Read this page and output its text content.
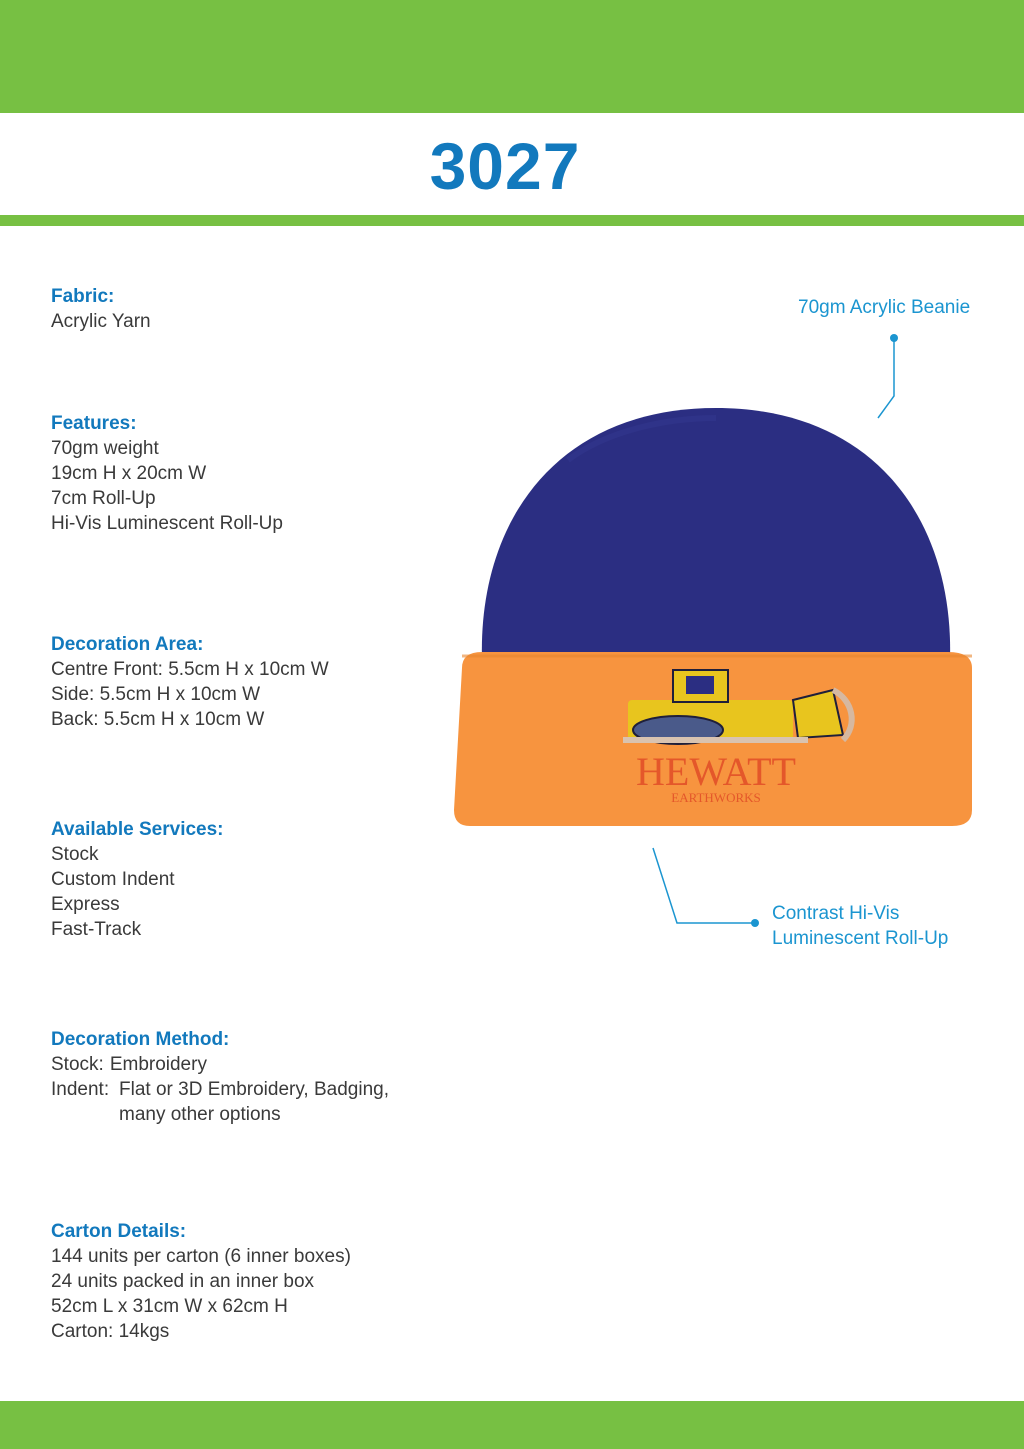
3027
Fabric:
Acrylic Yarn
Features:
70gm weight
19cm H x 20cm W
7cm Roll-Up
Hi-Vis Luminescent Roll-Up
Decoration Area:
Centre Front: 5.5cm H x 10cm W
Side: 5.5cm H x 10cm W
Back: 5.5cm H x 10cm W
Available Services:
Stock
Custom Indent
Express
Fast-Track
Decoration Method:
Stock: Embroidery
Indent: Flat or 3D Embroidery, Badging, many other options
Carton Details:
144 units per carton (6 inner boxes)
24 units packed in an inner box
52cm L x 31cm W x 62cm H
Carton: 14kgs
70gm Acrylic Beanie
Contrast Hi-Vis
Luminescent Roll-Up
HEWATT
EARTHWORKS
